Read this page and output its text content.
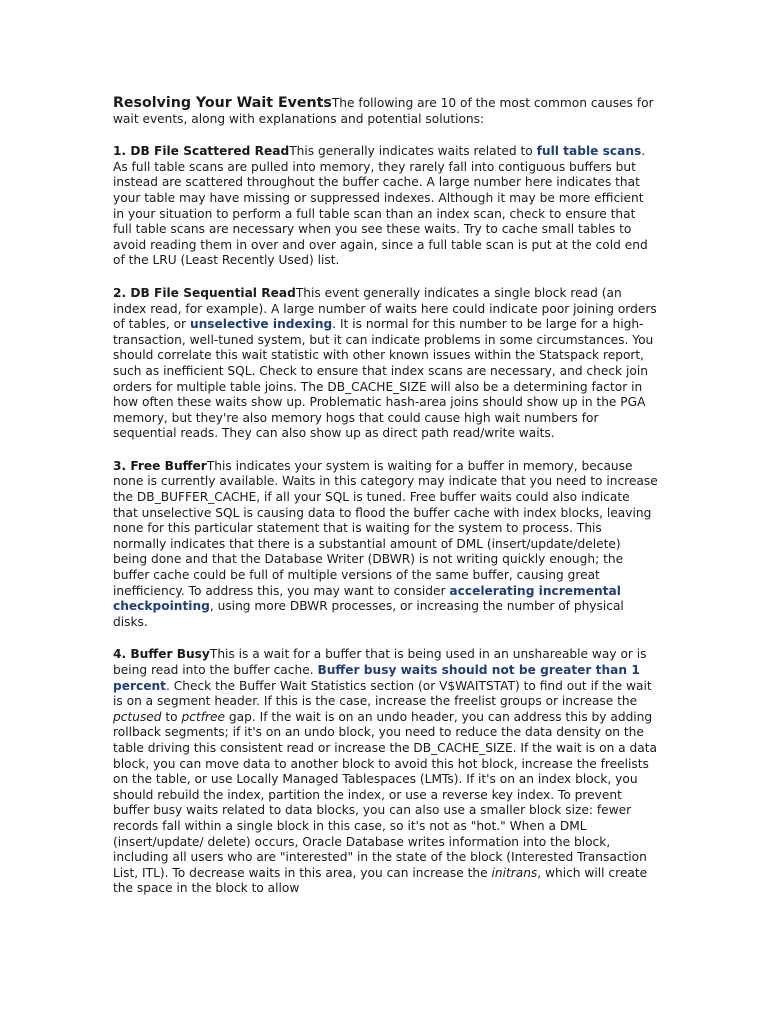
Resolving Your Wait EventsThe following are 10 of the most common causes for wait events, along with explanations and potential solutions:

1. DB File Scattered ReadThis generally indicates waits related to full table scans. As full table scans are pulled into memory, they rarely fall into contiguous buffers but instead are scattered throughout the buffer cache. A large number here indicates that your table may have missing or suppressed indexes. Although it may be more efficient in your situation to perform a full table scan than an index scan, check to ensure that full table scans are necessary when you see these waits. Try to cache small tables to avoid reading them in over and over again, since a full table scan is put at the cold end of the LRU (Least Recently Used) list.

2. DB File Sequential ReadThis event generally indicates a single block read (an index read, for example). A large number of waits here could indicate poor joining orders of tables, or unselective indexing. It is normal for this number to be large for a high-transaction, well-tuned system, but it can indicate problems in some circumstances. You should correlate this wait statistic with other known issues within the Statspack report, such as inefficient SQL. Check to ensure that index scans are necessary, and check join orders for multiple table joins. The DB_CACHE_SIZE will also be a determining factor in how often these waits show up. Problematic hash-area joins should show up in the PGA memory, but they're also memory hogs that could cause high wait numbers for sequential reads. They can also show up as direct path read/write waits.

3. Free BufferThis indicates your system is waiting for a buffer in memory, because none is currently available. Waits in this category may indicate that you need to increase the DB_BUFFER_CACHE, if all your SQL is tuned. Free buffer waits could also indicate that unselective SQL is causing data to flood the buffer cache with index blocks, leaving none for this particular statement that is waiting for the system to process. This normally indicates that there is a substantial amount of DML (insert/update/delete) being done and that the Database Writer (DBWR) is not writing quickly enough; the buffer cache could be full of multiple versions of the same buffer, causing great inefficiency. To address this, you may want to consider accelerating incremental checkpointing, using more DBWR processes, or increasing the number of physical disks.

4. Buffer BusyThis is a wait for a buffer that is being used in an unshareable way or is being read into the buffer cache. Buffer busy waits should not be greater than 1 percent. Check the Buffer Wait Statistics section (or V$WAITSTAT) to find out if the wait is on a segment header. If this is the case, increase the freelist groups or increase the pctused to pctfree gap. If the wait is on an undo header, you can address this by adding rollback segments; if it's on an undo block, you need to reduce the data density on the table driving this consistent read or increase the DB_CACHE_SIZE. If the wait is on a data block, you can move data to another block to avoid this hot block, increase the freelists on the table, or use Locally Managed Tablespaces (LMTs). If it's on an index block, you should rebuild the index, partition the index, or use a reverse key index. To prevent buffer busy waits related to data blocks, you can also use a smaller block size: fewer records fall within a single block in this case, so it's not as "hot." When a DML (insert/update/ delete) occurs, Oracle Database writes information into the block, including all users who are "interested" in the state of the block (Interested Transaction List, ITL). To decrease waits in this area, you can increase the initrans, which will create the space in the block to allow
